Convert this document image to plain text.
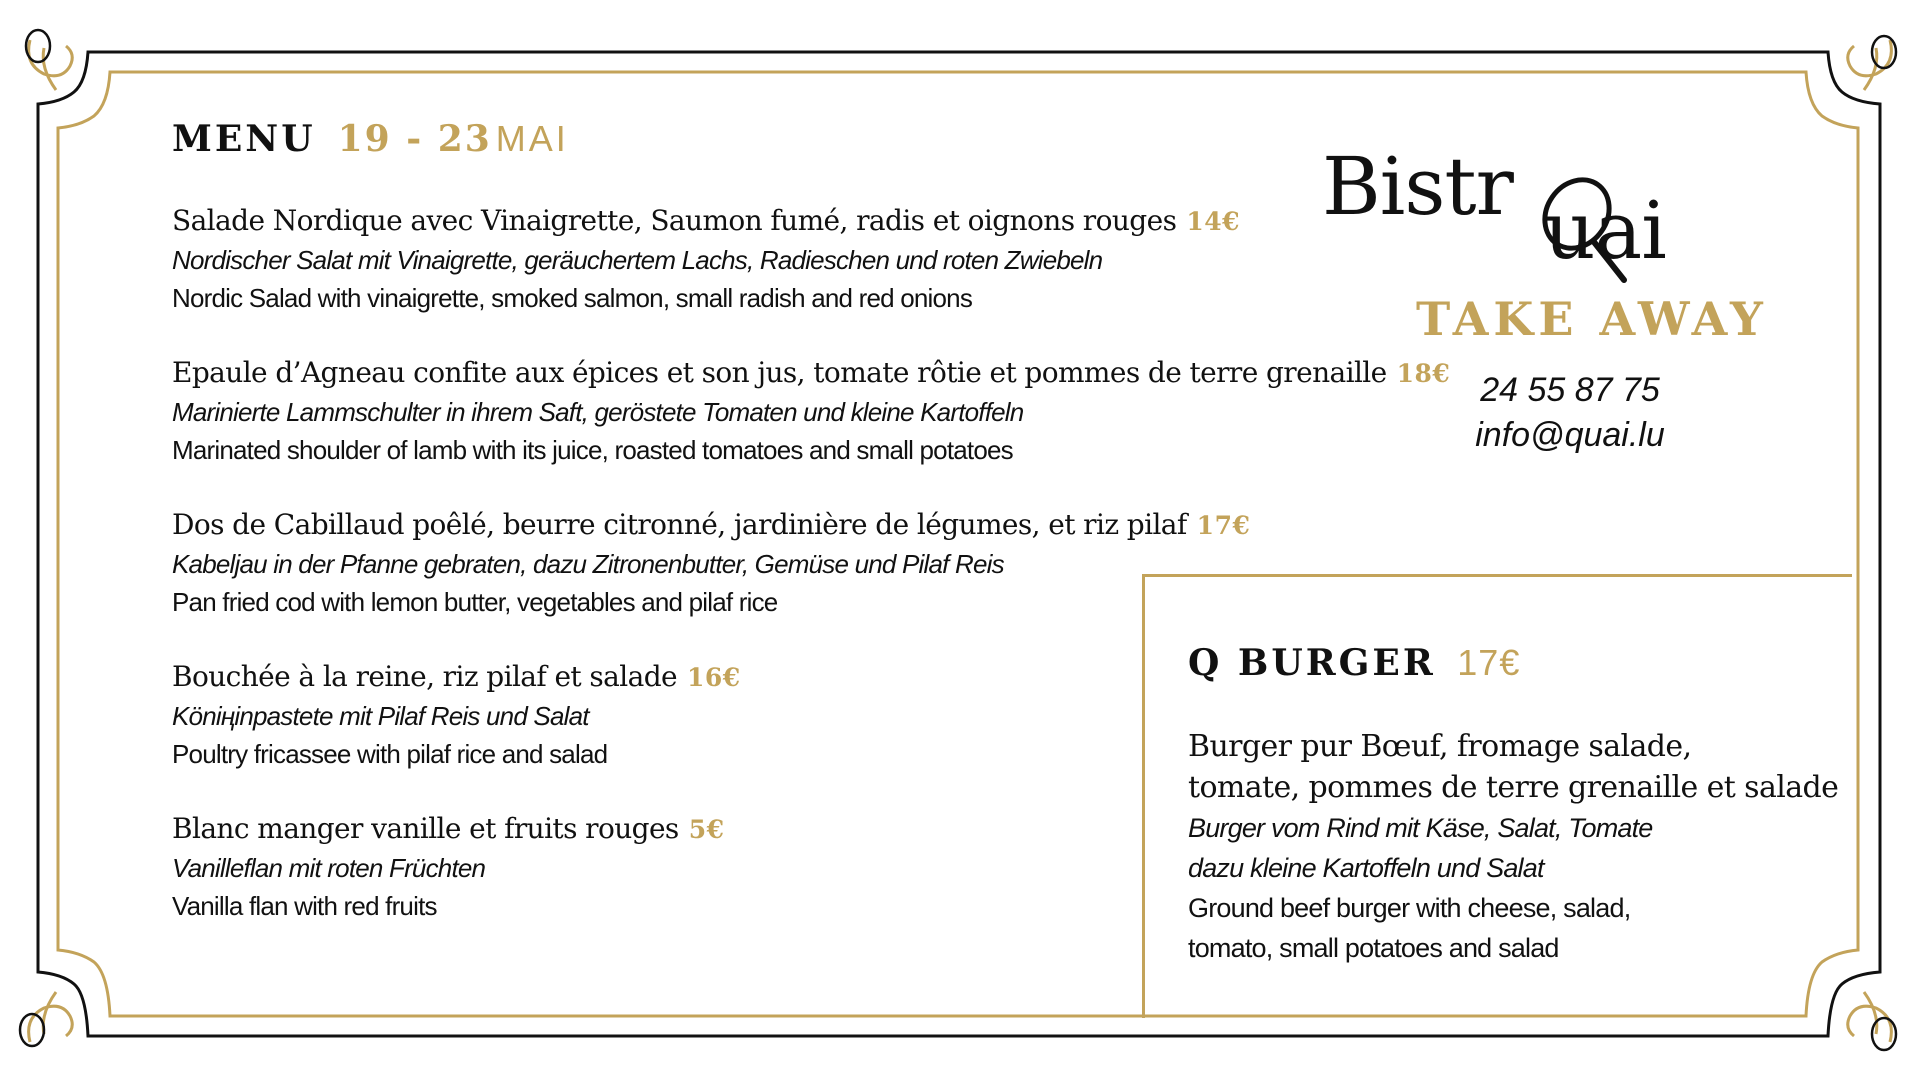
MENU 19 - 23 MAI
Salade Nordique avec Vinaigrette, Saumon fumé, radis et oignons rouges 14€
Nordischer Salat mit Vinaigrette, geräuchertem Lachs, Radieschen und roten Zwiebeln
Nordic Salad with vinaigrette, smoked salmon, small radish and red onions
Epaule d’Agneau confite aux épices et son jus, tomate rôtie et pommes de terre grenaille 18€
Marinierte Lammschulter in ihrem Saft, geröstete Tomaten und kleine Kartoffeln
Marinated shoulder of lamb with its juice, roasted tomatoes and small potatoes
Dos de Cabillaud poêlé, beurre citronné, jardinière de légumes, et riz pilaf 17€
Kabeljau in der Pfanne gebraten, dazu Zitronenbutter, Gemüse und Pilaf Reis
Pan fried cod with lemon butter, vegetables and pilaf rice
Bouchée à la reine, riz pilaf et salade 16€
Köniңinpastete mit Pilaf Reis und Salat
Poultry fricassee with pilaf rice and salad
Blanc manger vanille et fruits rouges 5€
Vanilleflan mit roten Früchten
Vanilla flan with red fruits
Bistr uai
TAKE AWAY
24 55 87 75
info@quai.lu
Q BURGER 17€
Burger pur Bœuf, fromage salade,
tomate, pommes de terre grenaille et salade
Burger vom Rind mit Käse, Salat, Tomate
dazu kleine Kartoffeln und Salat
Ground beef burger with cheese, salad,
tomato, small potatoes and salad
